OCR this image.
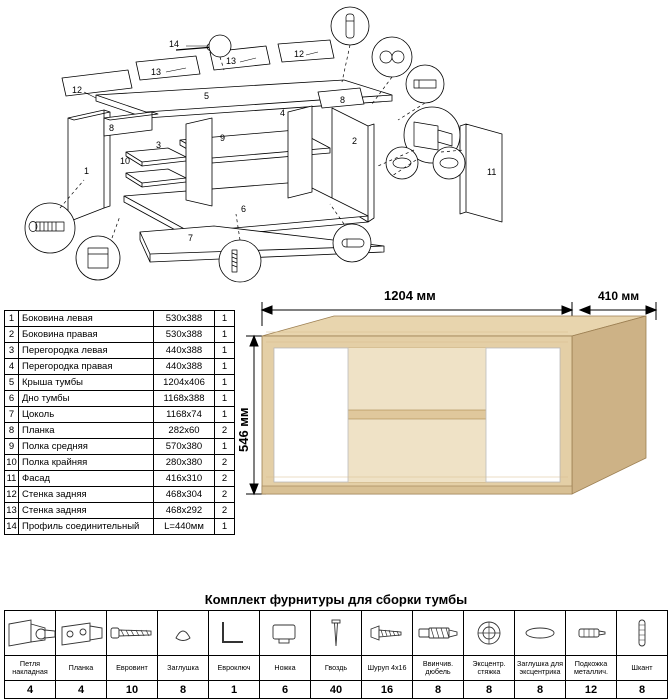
1
2
3
4
5
6
7
8
8
9
10
11
12
12
13
13
14
1	Боковина левая	530x388	1
2	Боковина правая	530x388	1
3	Перегородка левая	440x388	1
4	Перегородка правая	440x388	1
5	Крыша тумбы	1204x406	1
6	Дно тумбы	1168x388	1
7	Цоколь	1168x74	1
8	Планка	282x60	2
9	Полка средняя	570x380	1
10	Полка крайняя	280x380	2
11	Фасад	416x310	2
12	Стенка задняя	468x304	2
13	Стенка задняя	468x292	2
14	Профиль соединительный	L=440мм	1
1204 мм	410 мм
546 мм
Комплект фурнитуры для сборки тумбы

Петля накладная	Планка	Евровинт	Заглушка	Евроключ	Ножка	Гвоздь	Шуруп 4x16	Ввинчив. дюбель	Эксцентр. стяжка	Заглушка для эксцентрика	Подкожка металлич.	Шкант
4	4	10	8	1	6	40	16	8	8	8	12	8
